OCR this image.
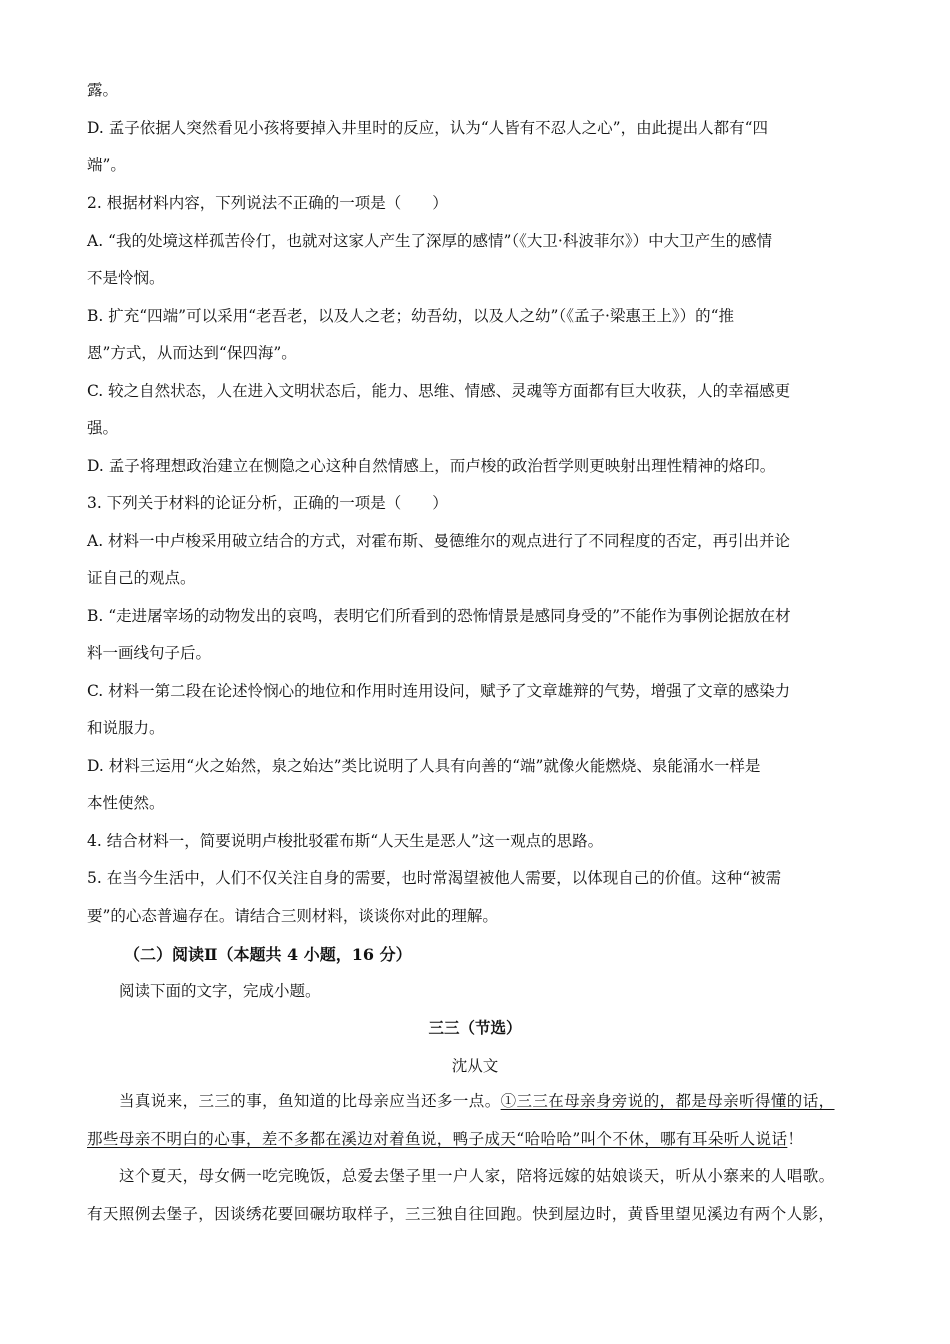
露。
D. 孟子依据人突然看见小孩将要掉入井里时的反应，认为“人皆有不忍人之心”，由此提出人都有“四
端”。
2. 根据材料内容，下列说法不正确的一项是（　　）
A. “我的处境这样孤苦伶仃，也就对这家人产生了深厚的感情”（《大卫·科波菲尔》）中大卫产生的感情
不是怜悯。
B. 扩充“四端”可以采用“老吾老，以及人之老；幼吾幼，以及人之幼”（《孟子·梁惠王上》）的“推
恩”方式，从而达到“保四海”。
C. 较之自然状态，人在进入文明状态后，能力、思维、情感、灵魂等方面都有巨大收获，人的幸福感更
强。
D. 孟子将理想政治建立在恻隐之心这种自然情感上，而卢梭的政治哲学则更映射出理性精神的烙印。
3. 下列关于材料的论证分析，正确的一项是（　　）
A. 材料一中卢梭采用破立结合的方式，对霍布斯、曼德维尔的观点进行了不同程度的否定，再引出并论
证自己的观点。
B. “走进屠宰场的动物发出的哀鸣，表明它们所看到的恐怖情景是感同身受的”不能作为事例论据放在材
料一画线句子后。
C. 材料一第二段在论述怜悯心的地位和作用时连用设问，赋予了文章雄辩的气势，增强了文章的感染力
和说服力。
D. 材料三运用“火之始然，泉之始达”类比说明了人具有向善的“端”就像火能燃烧、泉能涌水一样是
本性使然。
4. 结合材料一，简要说明卢梭批驳霍布斯“人天生是恶人”这一观点的思路。
5. 在当今生活中，人们不仅关注自身的需要，也时常渴望被他人需要，以体现自己的价值。这种“被需
要”的心态普遍存在。请结合三则材料，谈谈你对此的理解。
（二）阅读Ⅱ（本题共 4 小题，16 分）
阅读下面的文字，完成小题。
三三（节选）
沈从文
当真说来，三三的事，鱼知道的比母亲应当还多一点。①三三在母亲身旁说的，都是母亲听得懂的话，
那些母亲不明白的心事，差不多都在溪边对着鱼说，鸭子成天“哈哈哈”叫个不休，哪有耳朵听人说话！
这个夏天，母女俩一吃完晚饭，总爱去堡子里一户人家，陪将远嫁的姑娘谈天，听从小寨来的人唱歌。
有天照例去堡子，因谈绣花要回碾坊取样子，三三独自往回跑。快到屋边时，黄昏里望见溪边有两个人影，
